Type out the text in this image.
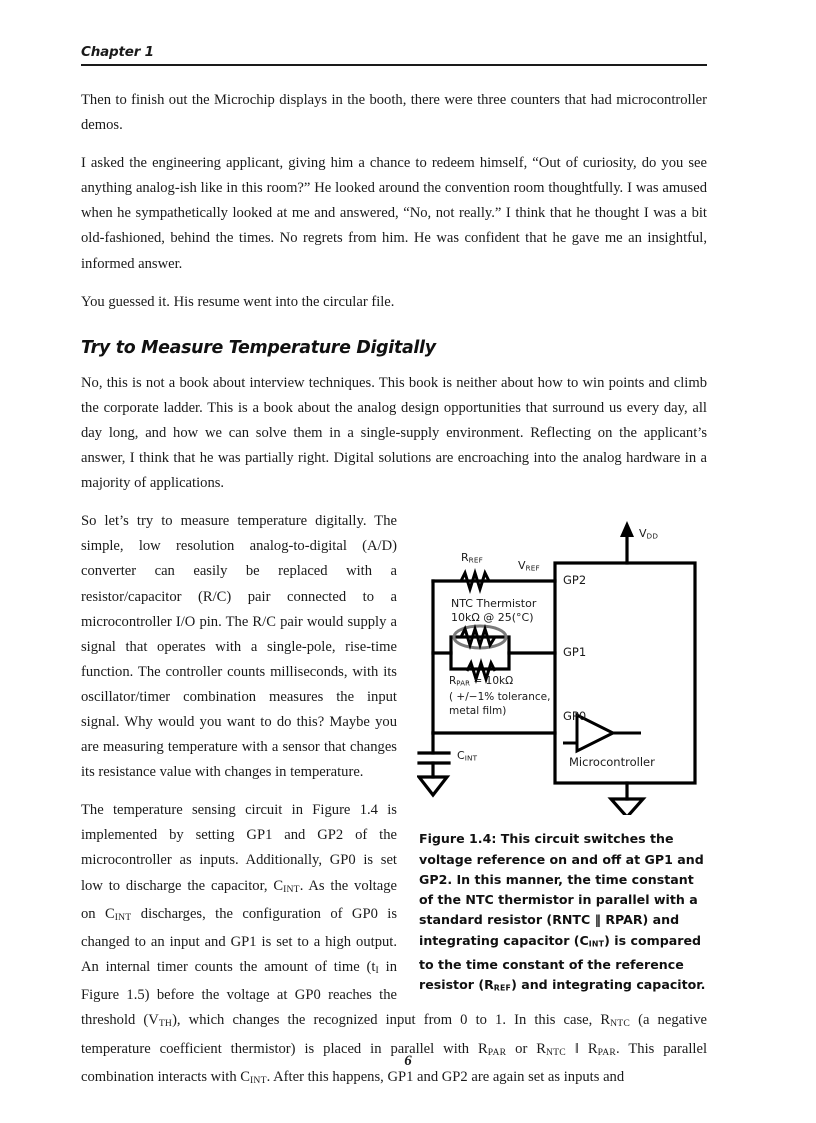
Chapter 1

Then to finish out the Microchip displays in the booth, there were three counters that had microcontroller demos.

I asked the engineering applicant, giving him a chance to redeem himself, “Out of curiosity, do you see anything analog-ish like in this room?” He looked around the convention room thoughtfully. I was amused when he sympathetically looked at me and answered, “No, not really.” I think that he thought I was a bit old-fashioned, behind the times. No regrets from him. He was confident that he gave me an insightful, informed answer.

You guessed it. His resume went into the circular file.

Try to Measure Temperature Digitally

No, this is not a book about interview techniques. This book is neither about how to win points and climb the corporate ladder. This is a book about the analog design opportunities that surround us every day, all day long, and how we can solve them in a single-supply environment. Reflecting on the applicant’s answer, I think that he was partially right. Digital solutions are encroaching into the analog hardware in a majority of applications.

$V_{DD}$
$R_{REF}$	$V_{REF}$
GP2
GP1
GP0
NTC Thermistor
10kΩ @ 25(°C)
$R_{PAR} = 10k\Omega$
( +/−1% tolerance,
metal film)
$C_{INT}$	Microcontroller

Figure 1.4: This circuit switches the voltage reference on and off at GP1 and GP2. In this manner, the time constant of the NTC thermistor in parallel with a standard resistor (RNTC ‖ RPAR) and integrating capacitor $(C_{INT})$ is compared to the time constant of the reference resistor $(R_{REF})$ and integrating capacitor.

So let’s try to measure temperature digitally. The simple, low resolution analog-to-digital (A/D) converter can easily be replaced with a resistor/capacitor (R/C) pair connected to a microcontroller I/O pin. The R/C pair would supply a signal that operates with a single-pole, rise-time function. The controller counts milliseconds, with its oscillator/timer combination measures the input signal. Why would you want to do this? Maybe you are measuring temperature with a sensor that changes its resistance value with changes in temperature.

The temperature sensing circuit in Figure 1.4 is implemented by setting GP1 and GP2 of the microcontroller as inputs. Additionally, GP0 is set low to discharge the capacitor, $C_{INT}$. As the voltage on $C_{INT}$ discharges, the configuration of GP0 is changed to an input and GP1 is set to a high output. An internal timer counts the amount of time ($t_I$ in Figure 1.5) before the voltage at GP0 reaches the threshold $(V_{TH})$, which changes the recognized input from 0 to 1. In this case, $R_{NTC}$ (a negative temperature coefficient thermistor) is placed in parallel with $R_{PAR}$ or $R_{NTC}$ ‖ $R_{PAR}$. This parallel combination interacts with $C_{INT}$. After this happens, GP1 and GP2 are again set as inputs and

6
